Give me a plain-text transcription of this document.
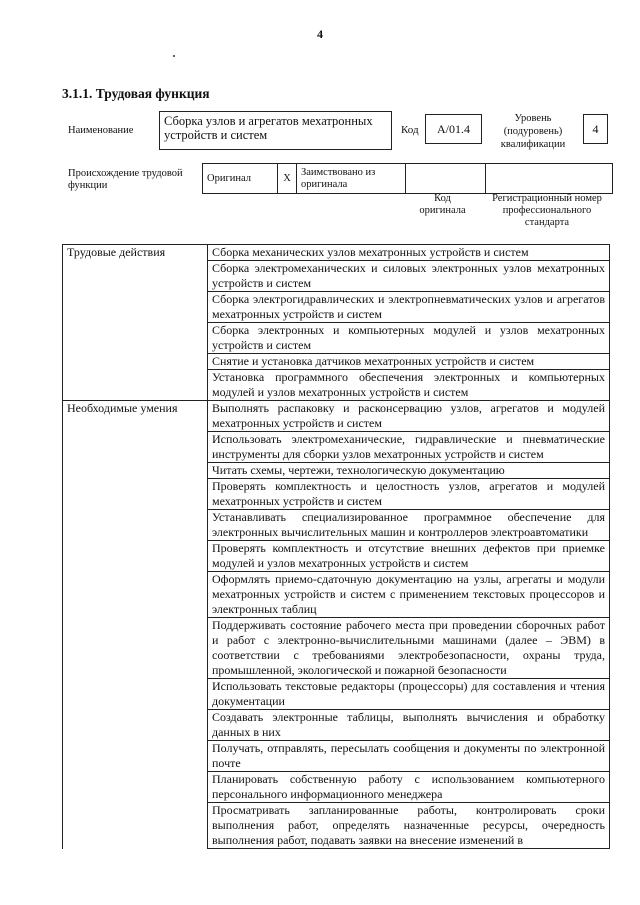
4
3.1.1. Трудовая функция
Наименование
Сборка узлов и агрегатов мехатронных устройств и систем	Код	A/01.4
Уровень (подуровень) квалификации
4
Происхождение трудовой функции
Оригинал	X	Заимствовано из оригинала		
Код оригинала
Регистрационный номер профессионального стандарта
Трудовые действия	Сборка механических узлов мехатронных устройств и систем
	Сборка электромеханических и силовых электронных узлов мехатронных устройств и систем
	Сборка электрогидравлических и электропневматических узлов и агрегатов мехатронных устройств и систем
	Сборка электронных и компьютерных модулей и узлов мехатронных устройств и систем
	Снятие и установка датчиков мехатронных устройств и систем
	Установка программного обеспечения электронных и компьютерных модулей и узлов мехатронных устройств и систем
Необходимые умения	Выполнять распаковку и расконсервацию узлов, агрегатов и модулей мехатронных устройств и систем
	Использовать электромеханические, гидравлические и пневматические инструменты для сборки узлов мехатронных устройств и систем
	Читать схемы, чертежи, технологическую документацию
	Проверять комплектность и целостность узлов, агрегатов и модулей мехатронных устройств и систем
	Устанавливать специализированное программное обеспечение для электронных вычислительных машин и контроллеров электроавтоматики
	Проверять комплектность и отсутствие внешних дефектов при приемке модулей и узлов мехатронных устройств и систем
	Оформлять приемо-сдаточную документацию на узлы, агрегаты и модули мехатронных устройств и систем с применением текстовых процессоров и электронных таблиц
	Поддерживать состояние рабочего места при проведении сборочных работ и работ с электронно-вычислительными машинами (далее – ЭВМ) в соответствии с требованиями электробезопасности, охраны труда, промышленной, экологической и пожарной безопасности
	Использовать текстовые редакторы (процессоры) для составления и чтения документации
	Создавать электронные таблицы, выполнять вычисления и обработку данных в них
	Получать, отправлять, пересылать сообщения и документы по электронной почте
	Планировать собственную работу с использованием компьютерного персонального информационного менеджера
	Просматривать запланированные работы, контролировать сроки выполнения работ, определять назначенные ресурсы, очередность выполнения работ, подавать заявки на внесение изменений в
